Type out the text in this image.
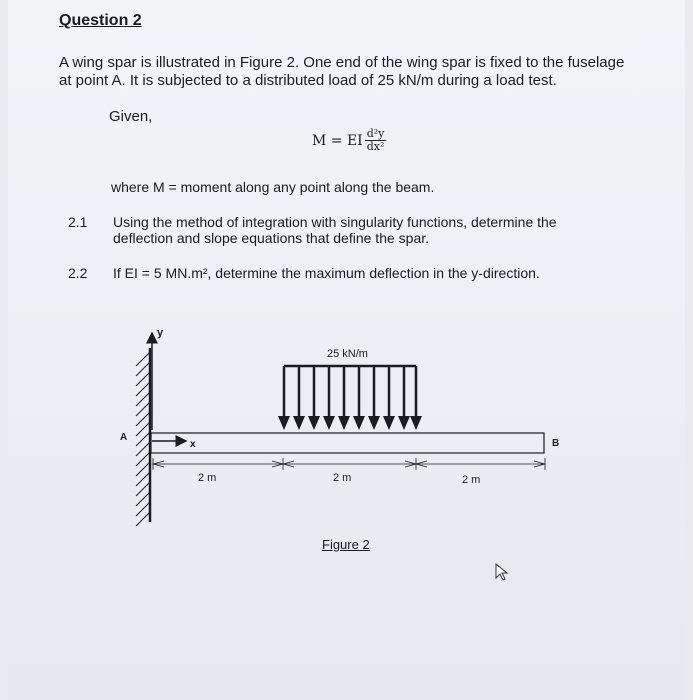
Question 2
A wing spar is illustrated in Figure 2. One end of the wing spar is fixed to the fuselage
at point A. It is subjected to a distributed load of 25 kN/m during a load test.
Given,
M = EI $\frac{\text{d²y}}{\text{dx²}}$
where M = moment along any point along the beam.
2.1 Using the method of integration with singularity functions, determine the
deflection and slope equations that define the spar.
2.2 If EI = 5 MN.m², determine the maximum deflection in the y-direction.
y
x
A
B
25 kN/m
2 m	2 m	2 m
Figure 2
